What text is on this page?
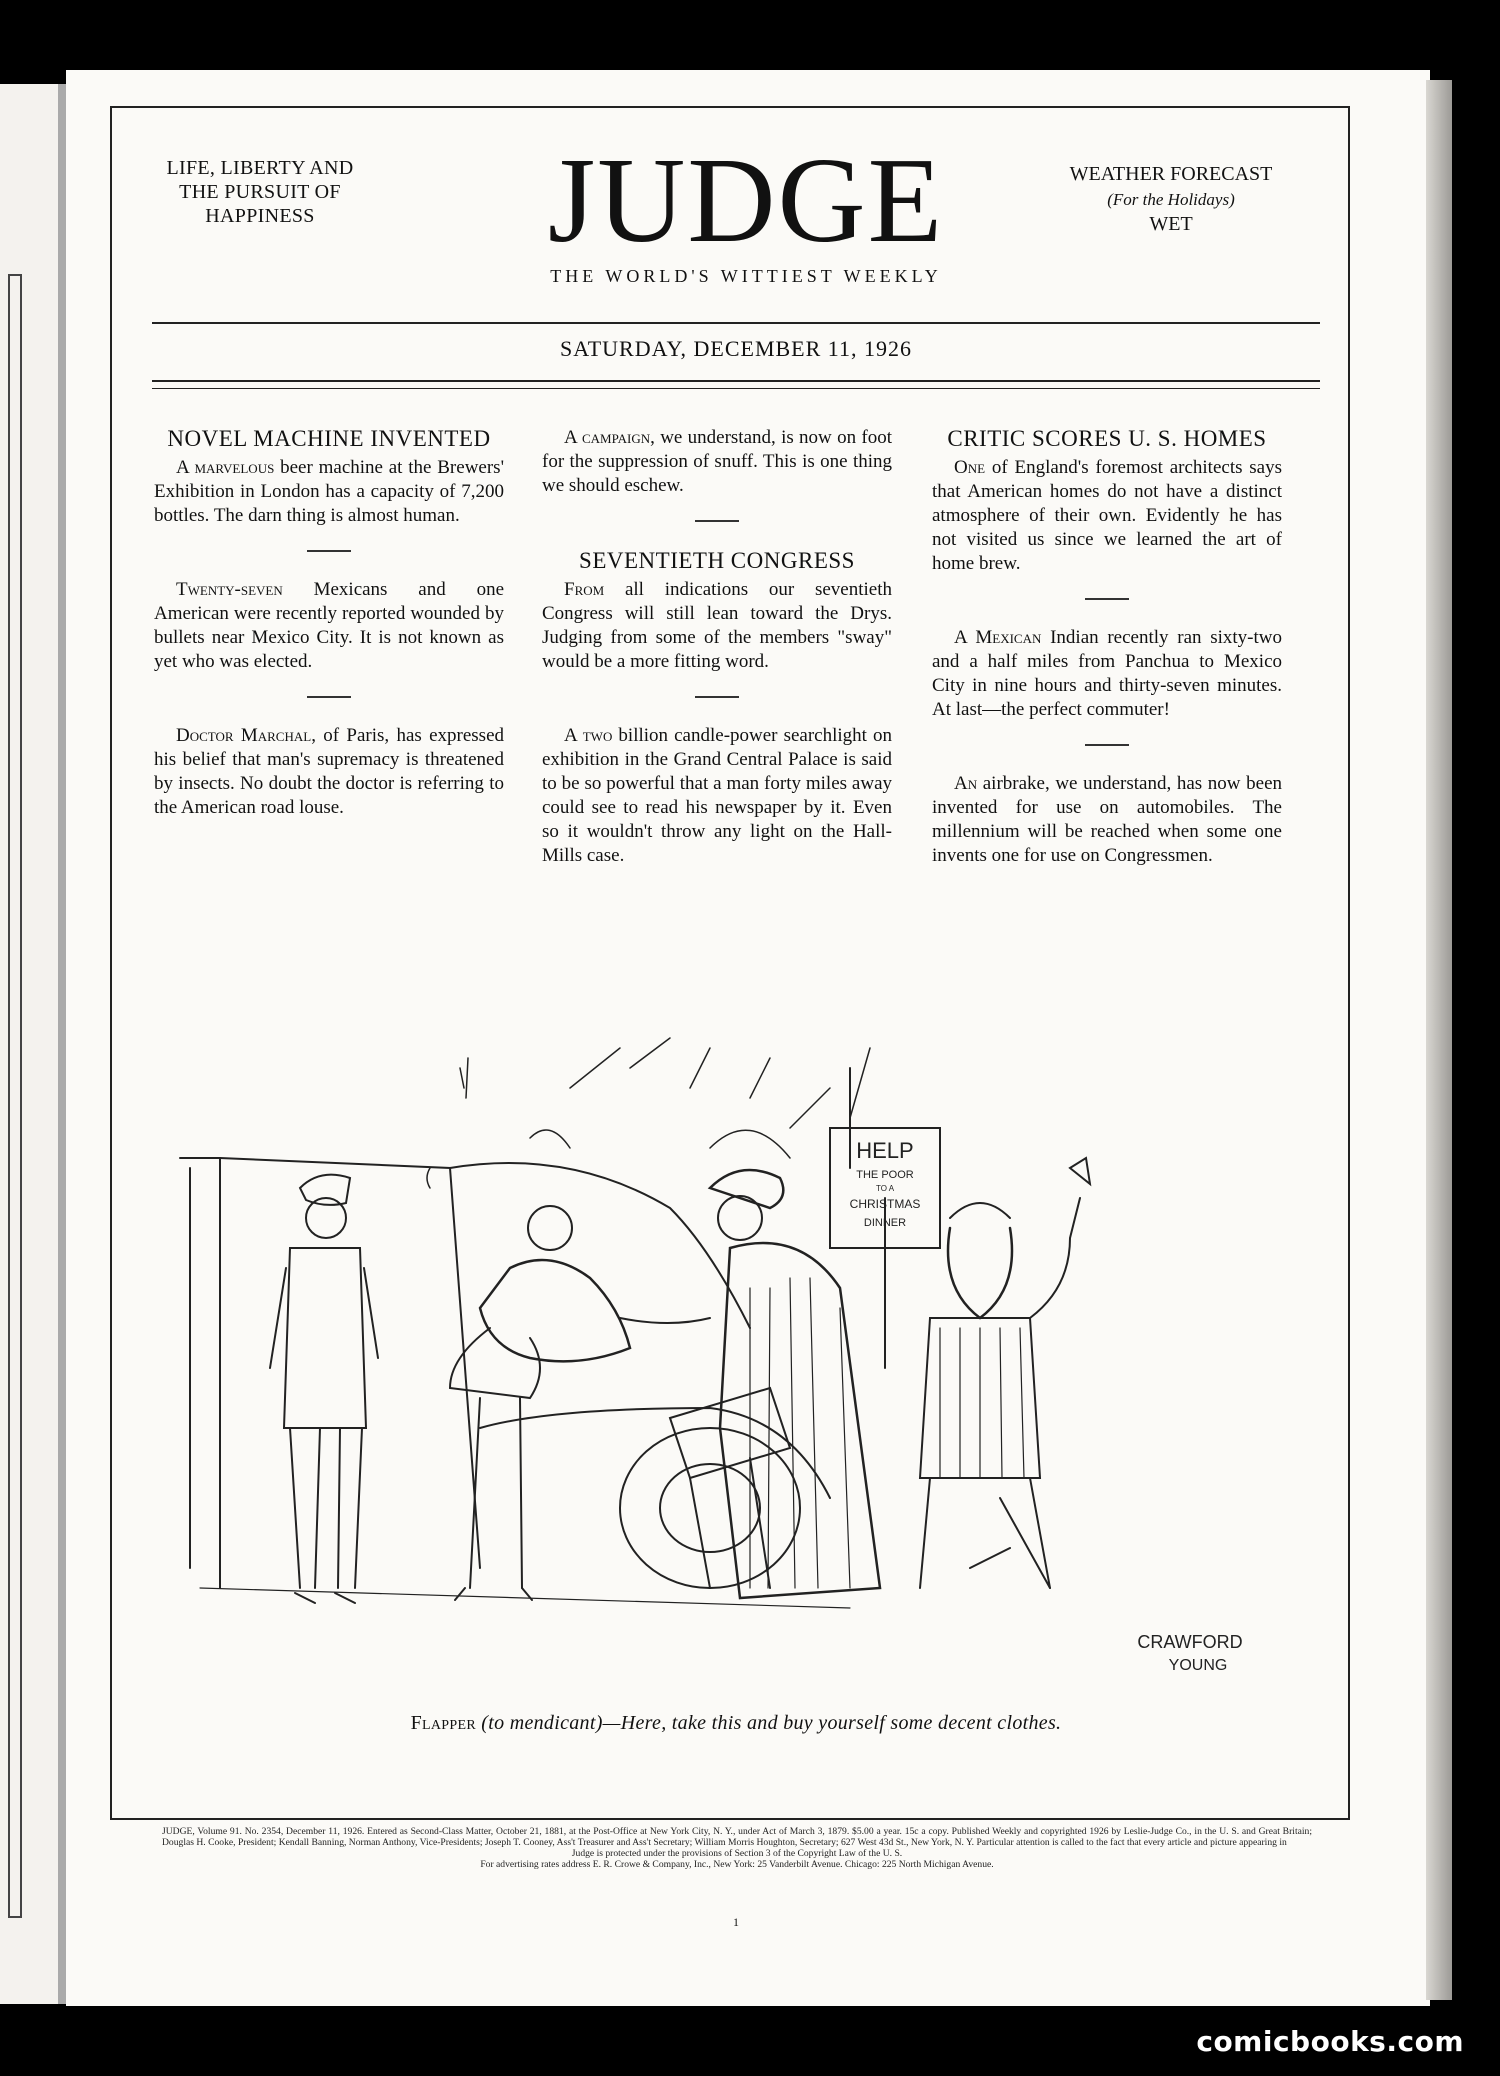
LIFE, LIBERTY AND
THE PURSUIT OF
HAPPINESS	JUDGE
THE WORLD'S WITTIEST WEEKLY
WEATHER FORECAST
(For the Holidays)
WET
SATURDAY, DECEMBER 11, 1926
NOVEL MACHINE INVENTED

A marvelous beer machine at the Brewers' Exhibition in London has a capacity of 7,200 bottles. The darn thing is almost human.

Twenty-seven Mexicans and one American were recently reported wounded by bullets near Mexico City. It is not known as yet who was elected.

Doctor Marchal, of Paris, has expressed his belief that man's supremacy is threatened by insects. No doubt the doctor is referring to the American road louse.

A campaign, we understand, is now on foot for the suppression of snuff. This is one thing we should eschew.

SEVENTIETH CONGRESS

From all indications our seventieth Congress will still lean toward the Drys. Judging from some of the members "sway" would be a more fitting word.

A two billion candle-power searchlight on exhibition in the Grand Central Palace is said to be so powerful that a man forty miles away could see to read his newspaper by it. Even so it wouldn't throw any light on the Hall-Mills case.

CRITIC SCORES U. S. HOMES

One of England's foremost architects says that American homes do not have a distinct atmosphere of their own. Evidently he has not visited us since we learned the art of home brew.

A Mexican Indian recently ran sixty-two and a half miles from Panchua to Mexico City in nine hours and thirty-seven minutes. At last—the perfect commuter!

An airbrake, we understand, has now been invented for use on automobiles. The millennium will be reached when some one invents one for use on Congressmen.

HELP
THE POOR
TO A
CHRISTMAS
DINNER
CRAWFORD
YOUNG
Flapper (to mendicant)—Here, take this and buy yourself some decent clothes.
JUDGE, Volume 91. No. 2354, December 11, 1926. Entered as Second-Class Matter, October 21, 1881, at the Post-Office at New York City, N. Y., under Act of March 3, 1879. $5.00 a year. 15c a copy. Published Weekly and copyrighted 1926 by Leslie-Judge Co., in the U. S. and Great Britain; Douglas H. Cooke, President; Kendall Banning, Norman Anthony, Vice-Presidents; Joseph T. Cooney, Ass't Treasurer and Ass't Secretary; William Morris Houghton, Secretary; 627 West 43d St., New York, N. Y. Particular attention is called to the fact that every article and picture appearing in
Judge is protected under the provisions of Section 3 of the Copyright Law of the U. S.
For advertising rates address E. R. Crowe & Company, Inc., New York: 25 Vanderbilt Avenue. Chicago: 225 North Michigan Avenue.
1
comicbooks.com
